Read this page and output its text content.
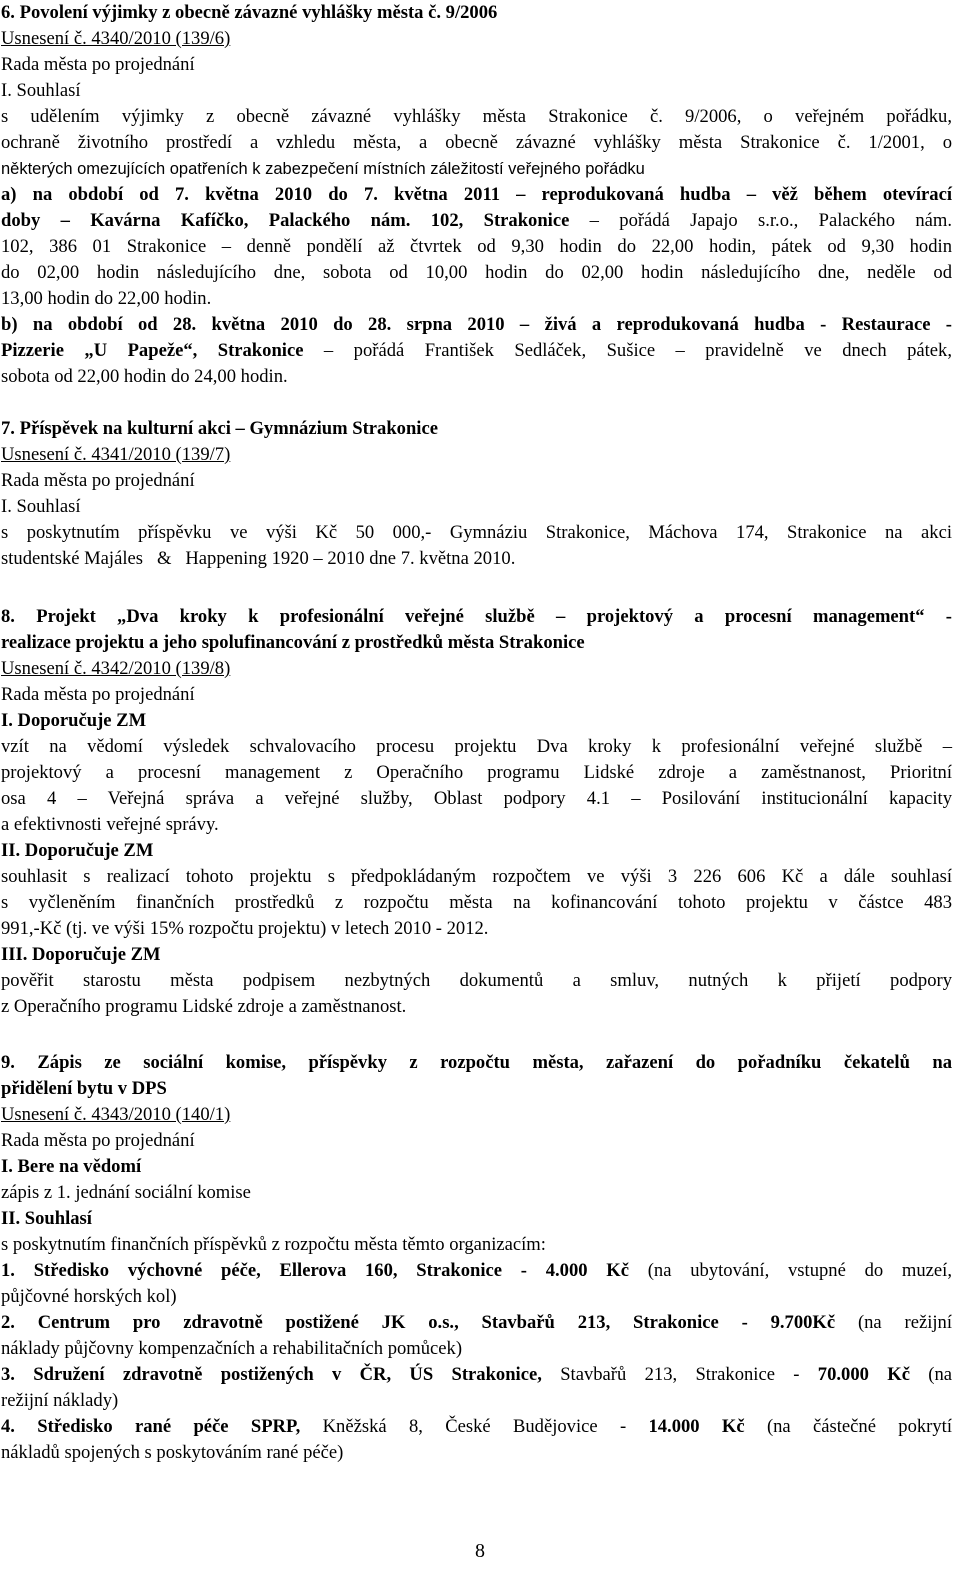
6. Povolení výjimky z obecně závazné vyhlášky města č. 9/2006
Usnesení č. 4340/2010 (139/6)
Rada města po projednání
I. Souhlasí
s udělením výjimky z obecně závazné vyhlášky města Strakonice č. 9/2006, o veřejném pořádku,
ochraně životního prostředí a vzhledu města, a obecně závazné vyhlášky města Strakonice č. 1/2001, o
některých omezujících opatřeních k zabezpečení místních záležitostí veřejného pořádku
a) na období od 7. května 2010 do 7. května 2011 – reprodukovaná hudba – věž během otevírací
doby – Kavárna Kafíčko, Palackého nám. 102, Strakonice – pořádá Japajo s.r.o., Palackého nám.
102, 386 01 Strakonice – denně pondělí až čtvrtek od 9,30 hodin do 22,00 hodin, pátek od 9,30 hodin
do 02,00 hodin následujícího dne, sobota od 10,00 hodin do 02,00 hodin následujícího dne, neděle od
13,00 hodin do 22,00 hodin.
b) na období od 28. května 2010 do 28. srpna 2010 – živá a reprodukovaná hudba - Restaurace -
Pizzerie „U Papeže“, Strakonice – pořádá František Sedláček, Sušice – pravidelně ve dnech pátek,
sobota od 22,00 hodin do 24,00 hodin.
7. Příspěvek na kulturní akci – Gymnázium Strakonice
Usnesení č. 4341/2010 (139/7)
Rada města po projednání
I. Souhlasí
s poskytnutím příspěvku ve výši Kč 50 000,- Gymnáziu Strakonice, Máchova 174, Strakonice na akci
studentské Majáles   &   Happening 1920 – 2010 dne 7. května 2010.
8. Projekt „Dva kroky k profesionální veřejné službě – projektový a procesní management“ -
realizace projektu a jeho spolufinancování z prostředků města Strakonice
Usnesení č. 4342/2010 (139/8)
Rada města po projednání
I. Doporučuje ZM
vzít na vědomí výsledek schvalovacího procesu projektu Dva kroky k profesionální veřejné službě –
projektový a procesní management z Operačního programu Lidské zdroje a zaměstnanost, Prioritní
osa 4 – Veřejná správa a veřejné služby, Oblast podpory 4.1 – Posilování institucionální kapacity
a efektivnosti veřejné správy.
II. Doporučuje ZM
souhlasit s realizací tohoto projektu s předpokládaným rozpočtem ve výši 3 226 606 Kč a dále souhlasí
s vyčleněním finančních prostředků z rozpočtu města na kofinancování tohoto projektu v částce 483
991,-Kč (tj. ve výši 15% rozpočtu projektu) v letech 2010 - 2012.
III. Doporučuje ZM
pověřit starostu města podpisem nezbytných dokumentů a smluv, nutných k přijetí podpory
z Operačního programu Lidské zdroje a zaměstnanost.
9. Zápis ze sociální komise, příspěvky z rozpočtu města, zařazení do pořadníku čekatelů na
přidělení bytu v DPS
Usnesení č. 4343/2010 (140/1)
Rada města po projednání
I. Bere na vědomí
zápis z 1. jednání sociální komise
II. Souhlasí
s poskytnutím finančních příspěvků z rozpočtu města těmto organizacím:
1. Středisko výchovné péče, Ellerova 160, Strakonice - 4.000 Kč (na ubytování, vstupné do muzeí,
půjčovné horských kol)
2. Centrum pro zdravotně postižené JK o.s., Stavbařů 213, Strakonice - 9.700Kč (na režijní
náklady půjčovny kompenzačních a rehabilitačních pomůcek)
3. Sdružení zdravotně postižených v ČR, ÚS Strakonice, Stavbařů 213, Strakonice - 70.000 Kč (na
režijní náklady)
4. Středisko rané péče SPRP, Kněžská 8, České Budějovice - 14.000 Kč (na částečné pokrytí
nákladů spojených s poskytováním rané péče)
8
